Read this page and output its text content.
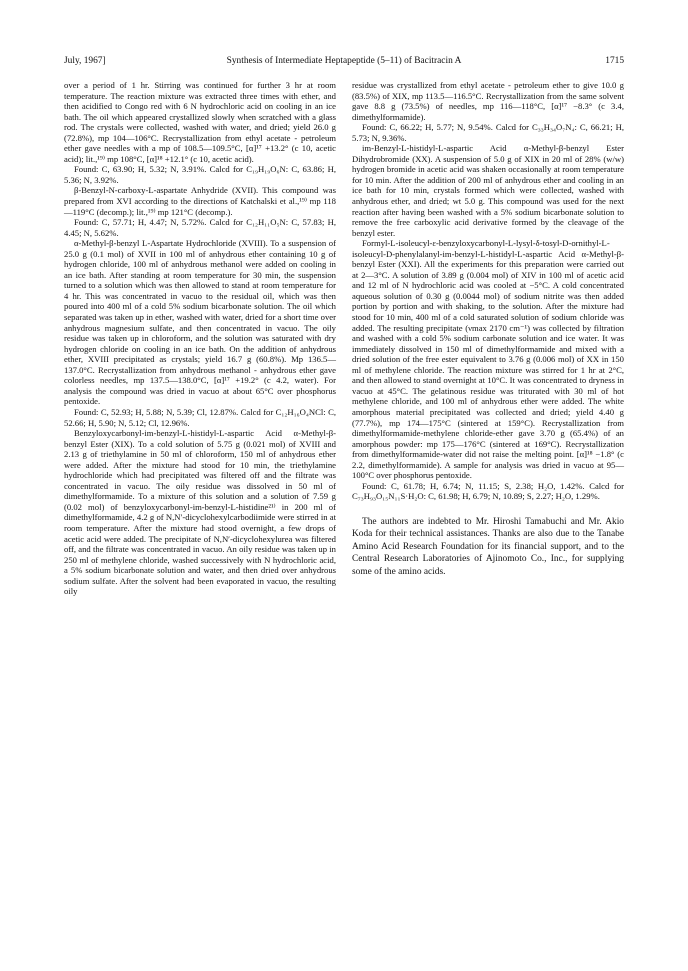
July, 1967]	Synthesis of Intermediate Heptapeptide (5–11) of Bacitracin A	1715

over a period of 1 hr. Stirring was continued for further 3 hr at room temperature. The reaction mixture was extracted three times with ether, and then acidified to Congo red with 6 N hydrochloric acid on cooling in an ice bath. The oil which appeared crystallized slowly when scratched with a glass rod. The crystals were collected, washed with water, and dried; yield 26.0 g (72.8%), mp 104—106°C. Recrystallization from ethyl acetate - petroleum ether gave needles with a mp of 108.5—109.5°C, [α]¹⁷ +13.2° (c 10, acetic acid); lit.,¹⁹⁾ mp 108°C, [α]¹⁸ +12.1° (c 10, acetic acid).

Found: C, 63.90; H, 5.32; N, 3.91%. Calcd for C₁₉H₁₉O₆N: C, 63.86; H, 5.36; N, 3.92%.

β-Benzyl-N-carboxy-L-aspartate Anhydride (XVII). This compound was prepared from XVI according to the directions of Katchalski et al.,¹⁹⁾ mp 118—119°C (decomp.); lit.,¹⁹⁾ mp 121°C (decomp.).

Found: C, 57.71; H, 4.47; N, 5.72%. Calcd for C₁₂H₁₁O₅N: C, 57.83; H, 4.45; N, 5.62%.

α-Methyl-β-benzyl L-Aspartate Hydrochloride (XVIII). To a suspension of 25.0 g (0.1 mol) of XVII in 100 ml of anhydrous ether containing 10 g of hydrogen chloride, 100 ml of anhydrous methanol were added on cooling in an ice bath. After standing at room temperature for 30 min, the suspension turned to a solution which was then allowed to stand at room temperature for 4 hr. This was concentrated in vacuo to the residual oil, which was then poured into 400 ml of a cold 5% sodium bicarbonate solution. The oil which separated was taken up in ether, washed with water, dried for a short time over anhydrous magnesium sulfate, and then concentrated in vacuo. The oily residue was taken up in chloroform, and the solution was saturated with dry hydrogen chloride on cooling in an ice bath. On the addition of anhydrous ether, XVIII precipitated as crystals; yield 16.7 g (60.8%). Mp 136.5—137.0°C. Recrystallization from anhydrous methanol - anhydrous ether gave colorless needles, mp 137.5—138.0°C, [α]¹⁷ +19.2° (c 4.2, water). For analysis the compound was dried in vacuo at about 65°C over phosphorus pentoxide.

Found: C, 52.93; H, 5.88; N, 5.39; Cl, 12.87%. Calcd for C₁₂H₁₆O₄NCl: C, 52.66; H, 5.90; N, 5.12; Cl, 12.96%.

Benzyloxycarbonyl-im-benzyl-L-histidyl-L-aspartic Acid α-Methyl-β-benzyl Ester (XIX). To a cold solution of 5.75 g (0.021 mol) of XVIII and 2.13 g of triethylamine in 50 ml of chloroform, 150 ml of anhydrous ether were added. After the mixture had stood for 10 min, the triethylamine hydrochloride which had precipitated was filtered off and the filtrate was concentrated in vacuo. The oily residue was dissolved in 50 ml of dimethylformamide. To a mixture of this solution and a solution of 7.59 g (0.02 mol) of benzyloxycarbonyl-im-benzyl-L-histidine²¹⁾ in 200 ml of dimethylformamide, 4.2 g of N,N′-dicyclohexylcarbodiimide were stirred in at room temperature. After the mixture had stood overnight, a few drops of acetic acid were added. The precipitate of N,N′-dicyclohexylurea was filtered off, and the filtrate was concentrated in vacuo. An oily residue was taken up in 250 ml of methylene chloride, washed successively with N hydrochloric acid, a 5% sodium bicarbonate solution and water, and then dried over anhydrous sodium sulfate. After the solvent had been evaporated in vacuo, the resulting oily

residue was crystallized from ethyl acetate - petroleum ether to give 10.0 g (83.5%) of XIX, mp 113.5—116.5°C. Recrystallization from the same solvent gave 8.8 g (73.5%) of needles, mp 116—118°C, [α]¹⁷ −8.3° (c 3.4, dimethylformamide).

Found: C, 66.22; H, 5.77; N, 9.54%. Calcd for C₃₃H₃₄O₇N₄: C, 66.21; H, 5.73; N, 9.36%.

im-Benzyl-L-histidyl-L-aspartic Acid α-Methyl-β-benzyl Ester Dihydrobromide (XX). A suspension of 5.0 g of XIX in 20 ml of 28% (w/w) hydrogen bromide in acetic acid was shaken occasionally at room temperature for 10 min. After the addition of 200 ml of anhydrous ether and cooling in an ice bath for 10 min, crystals formed which were collected, washed with anhydrous ether, and dried; wt 5.0 g. This compound was used for the next reaction after having been washed with a 5% sodium bicarbonate solution to remove the free carboxylic acid derivative formed by the cleavage of the benzyl ester.

Formyl-L-isoleucyl-ε-benzyloxycarbonyl-L-lysyl-δ-tosyl-D-ornithyl-L-isoleucyl-D-phenylalanyl-im-benzyl-L-histidyl-L-aspartic Acid α-Methyl-β-benzyl Ester (XXI). All the experiments for this preparation were carried out at 2—3°C. A solution of 3.89 g (0.004 mol) of XIV in 100 ml of acetic acid and 12 ml of N hydrochloric acid was cooled at −5°C. A cold concentrated aqueous solution of 0.30 g (0.0044 mol) of sodium nitrite was then added portion by portion and with shaking, to the solution. After the mixture had stood for 10 min, 400 ml of a cold saturated solution of sodium chloride was added. The resulting precipitate (νmax 2170 cm⁻¹) was collected by filtration and washed with a cold 5% sodium carbonate solution and ice water. It was immediately dissolved in 150 ml of dimethylformamide and mixed with a dried solution of the free ester equivalent to 3.76 g (0.006 mol) of XX in 150 ml of methylene chloride. The reaction mixture was stirred for 1 hr at 2°C, and then allowed to stand overnight at 10°C. It was concentrated to dryness in vacuo at 45°C. The gelatinous residue was triturated with 30 ml of hot methylene chloride, and 100 ml of anhydrous ether were added. The white amorphous material precipitated was collected and dried; yield 4.40 g (77.7%), mp 174—175°C (sintered at 159°C). Recrystallization from dimethylformamide-methylene chloride-ether gave 3.70 g (65.4%) of an amorphous powder: mp 175—176°C (sintered at 169°C). Recrystallization from dimethylformamide-water did not raise the melting point. [α]¹⁸ −1.8° (c 2.2, dimethylformamide). A sample for analysis was dried in vacuo at 95—100°C over phosphorus pentoxide.

Found: C, 61.78; H, 6.74; N, 11.15; S, 2.38; H₂O, 1.42%. Calcd for C₇₃H₉₃O₁₅N₁₁S·H₂O: C, 61.98; H, 6.79; N, 10.89; S, 2.27; H₂O, 1.29%.

The authors are indebted to Mr. Hiroshi Tamabuchi and Mr. Akio Koda for their technical assistances. Thanks are also due to the Tanabe Amino Acid Research Foundation for its financial support, and to the Central Research Laboratories of Ajinomoto Co., Inc., for supplying some of the amino acids.
